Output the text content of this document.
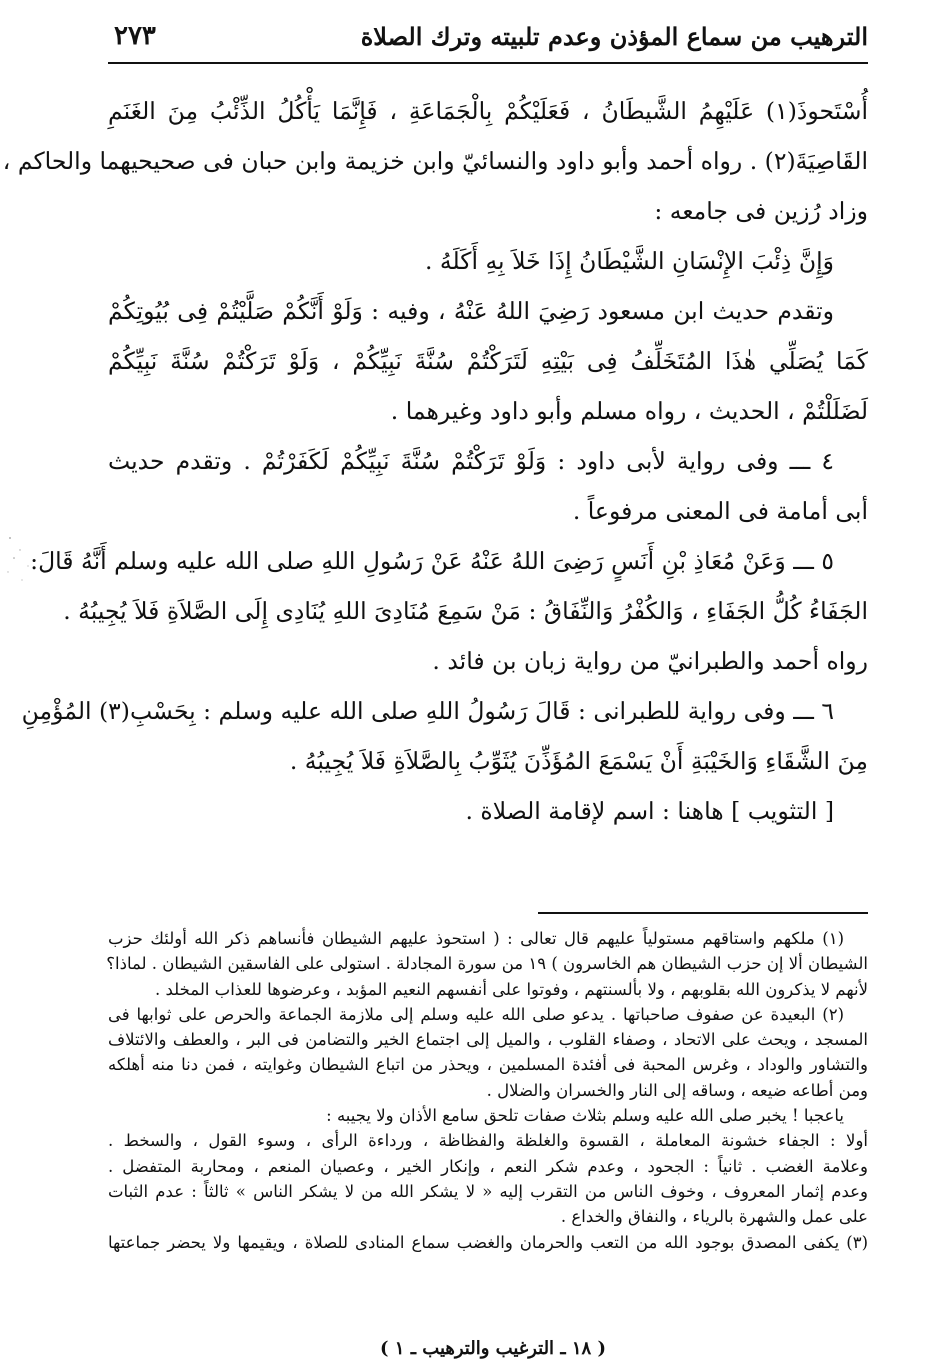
الترهيب من سماع المؤذن وعدم تلبيته وترك الصلاة
٢٧٣
أُسْتَحوذَ(١) عَلَيْهِمُ الشَّيطَانُ ، فَعَلَيْكُمْ بِالْجَمَاعَةِ ، فَإِنَّمَا يَأْكُلُ الذِّئْبُ مِنَ الغَنَمِ
القَاصِيَةَ(٢) . رواه أحمد وأبو داود والنسائيّ وابن خزيمة وابن حبان فى صحيحيهما والحاكم ،
وزاد رُزين فى جامعه :
وَإِنَّ ذِئْبَ الإِنْسَانِ الشَّيْطَانُ إِذَا خَلاَ بِهِ أَكَلَهُ .
وتقدم حديث ابن مسعود رَضِيَ اللهُ عَنْهُ ، وفيه : وَلَوْ أَنَّكُمْ صَلَّيْتُمْ فِى بُيُوتِكُمْ
كَمَا يُصَلِّي هٰذَا المُتَخَلِّفُ فِى بَيْتِهِ لَتَرَكْتُمْ سُنَّةَ نَبِيِّكُمْ ، وَلَوْ تَرَكْتُمْ سُنَّةَ نَبِيِّكُمْ
لَضَلَلْتُمْ ، الحديث ، رواه مسلم وأبو داود وغيرهما .
٤ ـــ وفى رواية لأبى داود : وَلَوْ تَرَكْتُمْ سُنَّةَ نَبِيِّكُمْ لَكَفَرْتُمْ . وتقدم حديث
أبى أمامة فى المعنى مرفوعاً .
٥ ـــ وَعَنْ مُعَاذِ بْنِ أَنَسٍ رَضِىَ اللهُ عَنْهُ عَنْ رَسُولِ اللهِ صلى الله عليه وسلم أَنَّهُ قَالَ:
الجَفَاءُ كُلُّ الجَفَاءِ ، وَالكُفْرُ وَالنِّفَاقُ : مَنْ سَمِعَ مُنَادِىَ اللهِ يُنَادِى إِلَى الصَّلاَةِ فَلاَ يُجِيبُهُ .
رواه أحمد والطبرانيّ من رواية زبان بن فائد .
٦ ـــ وفى رواية للطبرانى : قَالَ رَسُولُ اللهِ صلى الله عليه وسلم : بِحَسْبِ(٣) المُؤْمِنِ
مِنَ الشَّقَاءِ وَالخَيْبَةِ أَنْ يَسْمَعَ المُؤَذِّنَ يُثَوِّبُ بِالصَّلاَةِ فَلاَ يُجِيبُهُ .
[ التثويب ] هاهنا : اسم لإقامة الصلاة .
(١) ملكهم واستاقهم مستولياً عليهم قال تعالى : ( استحوذ عليهم الشيطان فأنساهم ذكر الله أولئك حزب
الشيطان ألا إن حزب الشيطان هم الخاسرون ) ١٩ من سورة المجادلة . استولى على الفاسقين الشيطان . لماذا؟
لأنهم لا يذكرون الله بقلوبهم ، ولا بألسنتهم ، وفوتوا على أنفسهم النعيم المؤبد ، وعرضوها للعذاب المخلد .
(٢) البعيدة عن صفوف صاحباتها . يدعو صلى الله عليه وسلم إلى ملازمة الجماعة والحرص على ثوابها فى
المسجد ، ويحث على الاتحاد ، وصفاء القلوب ، والميل إلى اجتماع الخير والتضامن فى البر ، والعطف والائتلاف
والتشاور والوداد ، وغرس المحبة فى أفئدة المسلمين ، ويحذر من اتباع الشيطان وغوايته ، فمن دنا منه أهلكه
ومن أطاعه ضيعه ، وساقه إلى النار والخسران والضلال .
ياعجبا ! يخبر صلى الله عليه وسلم بثلاث صفات تلحق سامع الأذان ولا يجيبه :
أولا : الجفاء خشونة المعاملة ، القسوة والغلظة والفظاظة ، ورداءة الرأى ، وسوء القول ، والسخط .
وعلامة الغضب . ثانياً : الجحود ، وعدم شكر النعم ، وإنكار الخير ، وعصيان المنعم ، ومحاربة المتفضل .
وعدم إثمار المعروف ، وخوف الناس من التقرب إليه « لا يشكر الله من لا يشكر الناس » ثالثاً : عدم الثبات
على عمل والشهرة بالرياء ، والنفاق والخداع .
(٣) يكفى المصدق بوجود الله من التعب والحرمان والغضب سماع المنادى للصلاة ، ويقيمها ولا يحضر جماعتها
( ١٨ ـ الترغيب والترهيب ـ ١ )
